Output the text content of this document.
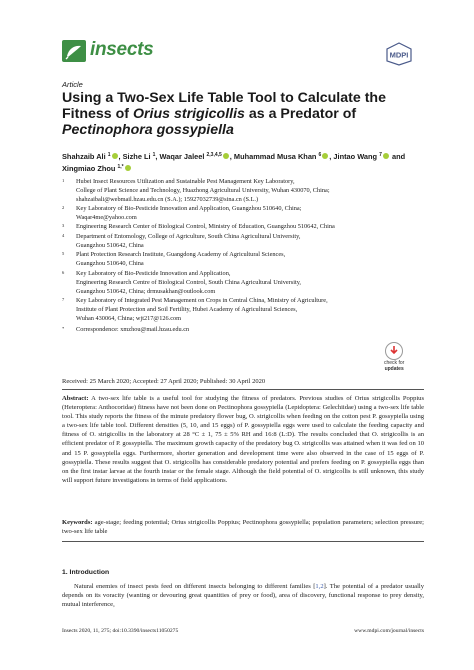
insects	MDPI
Article
Using a Two-Sex Life Table Tool to Calculate the
Fitness of Orius strigicollis as a Predator of
Pectinophora gossypiella
Shahzaib Ali $^1$ , Sizhe Li $^1$, Waqar Jaleel $^{2,3,4,5}$ , Muhammad Musa Khan $^6$ , Jintao Wang $^7$ and
Xingmiao Zhou $^{1,*}$
1 Hubei Insect Resources Utilization and Sustainable Pest Management Key Laboratory,
College of Plant Science and Technology, Huazhong Agricultural University, Wuhan 430070, China;
shahzaibali@webmail.hzau.edu.cn (S.A.); 15927032739@sina.cn (S.L.)
2 Key Laboratory of Bio-Pesticide Innovation and Application, Guangzhou 510640, China;
Waqar4me@yahoo.com
3 Engineering Research Center of Biological Control, Ministry of Education, Guangzhou 510642, China
4 Department of Entomology, College of Agriculture, South China Agricultural University,
Guangzhou 510642, China
5 Plant Protection Research Institute, Guangdong Academy of Agricultural Sciences,
Guangzhou 510640, China
6 Key Laboratory of Bio-Pesticide Innovation and Application,
Engineering Research Centre of Biological Control, South China Agricultural University,
Guangzhou 510642, China; drmusakhan@outlook.com
7 Key Laboratory of Integrated Pest Management on Crops in Central China, Ministry of Agriculture,
Institute of Plant Protection and Soil Fertility, Hubei Academy of Agricultural Sciences,
Wuhan 430064, China; wjt217@126.com
* Correspondence: xmzhou@mail.hzau.edu.cn
check for
updates
Received: 25 March 2020; Accepted: 27 April 2020; Published: 30 April 2020
Abstract: A two-sex life table is a useful tool for studying the fitness of predators. Previous studies of Orius strigicollis Poppius (Heteroptera: Anthocoridae) fitness have not been done on Pectinophora gossypiella (Lepidoptera: Gelechiidae) using a two-sex life table tool. This study reports the fitness of the minute predatory flower bug, O. strigicollis when feeding on the cotton pest P. gossypiella using a two-sex life table tool. Different densities (5, 10, and 15 eggs) of P. gossypiella eggs were used to calculate the feeding capacity and fitness of O. strigicollis in the laboratory at 28 °C ± 1, 75 ± 5% RH and 16:8 (L:D). The results concluded that O. strigicollis is an efficient predator of P. gossypiella. The maximum growth capacity of the predatory bug O. strigicollis was attained when it was fed on 10 and 15 P. gossypiella eggs. Furthermore, shorter generation and development time were also observed in the case of 15 eggs of P. gossypiella. These results suggest that O. strigicollis has considerable predatory potential and prefers feeding on P. gossypiella eggs than on the first instar larvae at the fourth instar or the female stage. Although the field potential of O. strigicollis is still unknown, this study will support future investigations in terms of field applications.
Keywords: age-stage; feeding potential; Orius strigicollis Poppius; Pectinophora gossypiella; population parameters; selection pressure; two-sex life table
1. Introduction
Natural enemies of insect pests feed on different insects belonging to different families [1,2]. The potential of a predator usually depends on its voracity (wanting or devouring great quantities of prey or food), area of discovery, functional response to prey density, mutual interference,
Insects 2020, 11, 275; doi:10.3390/insects11050275	www.mdpi.com/journal/insects
